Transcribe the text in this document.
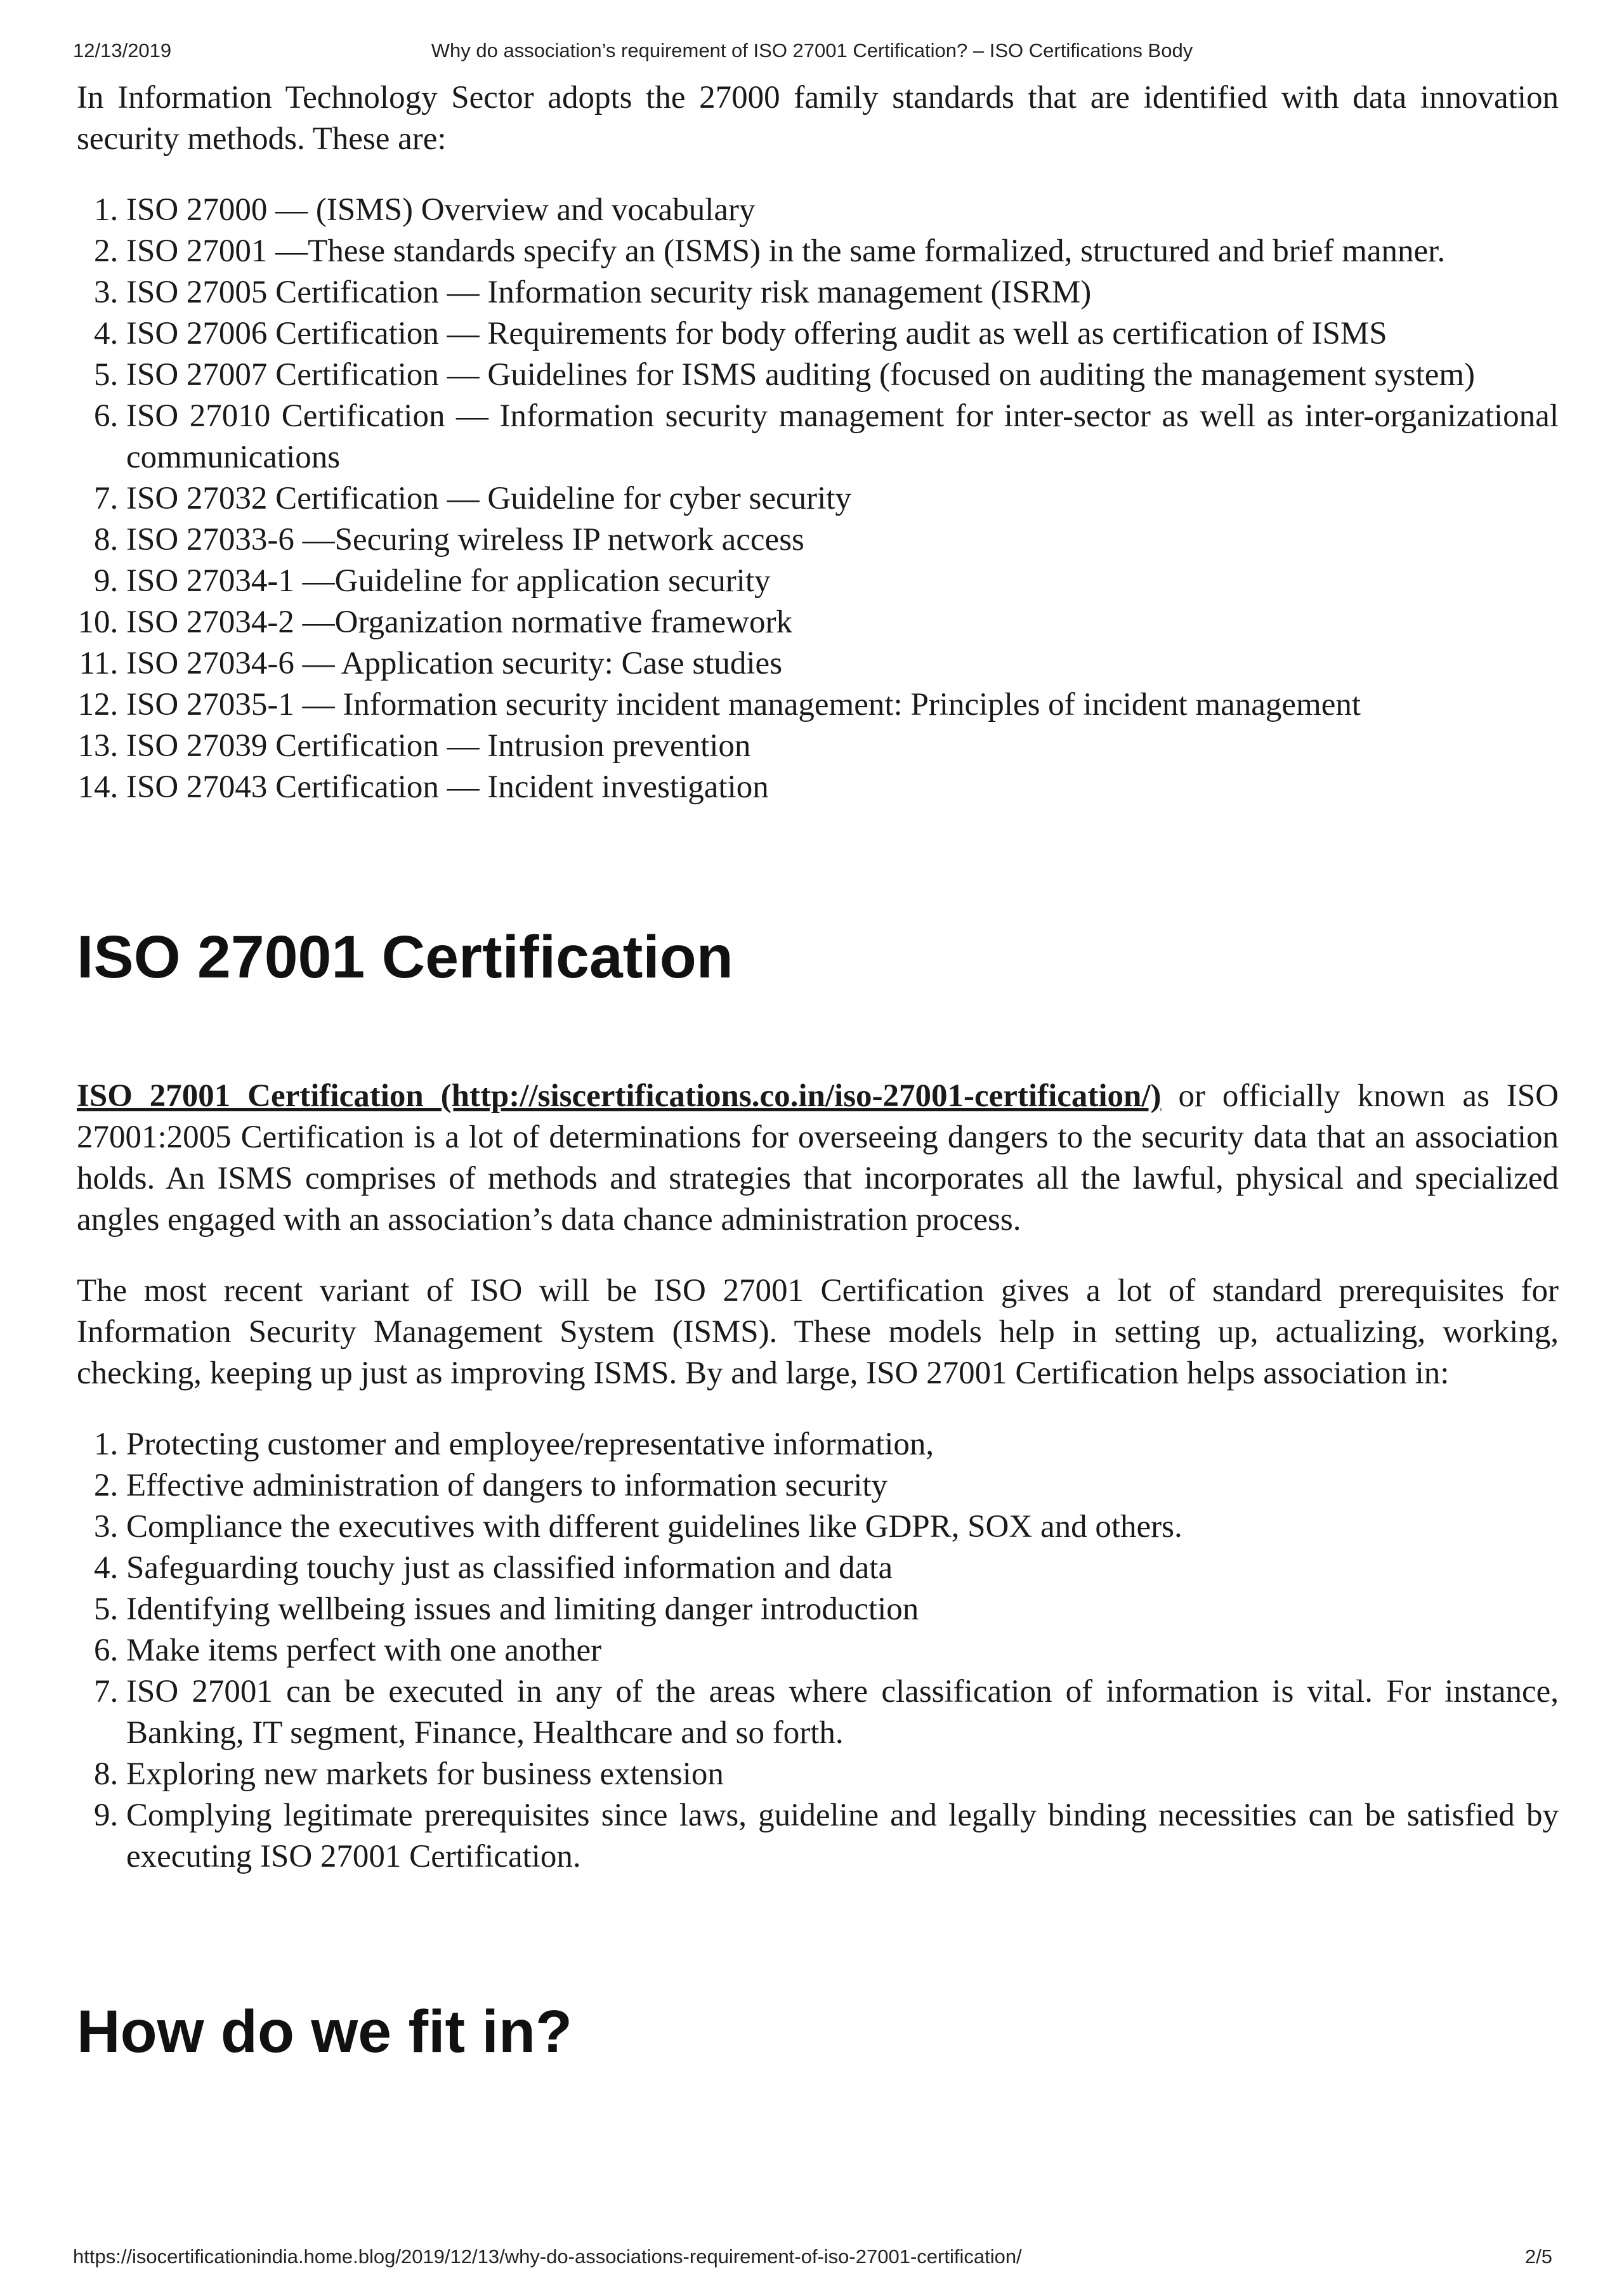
Why do association’s requirement of ISO 27001 Certification? – ISO Certifications Body
12/13/2019

In Information Technology Sector adopts the 27000 family standards that are identified with data innovation security methods. These are:

1. ISO 27000 — (ISMS) Overview and vocabulary
2. ISO 27001 —These standards specify an (ISMS) in the same formalized, structured and brief manner.
3. ISO 27005 Certification — Information security risk management (ISRM)
4. ISO 27006 Certification — Requirements for body offering audit as well as certification of ISMS
5. ISO 27007 Certification — Guidelines for ISMS auditing (focused on auditing the management system)
6. ISO 27010 Certification — Information security management for inter-sector as well as inter-organizational communications
7. ISO 27032 Certification — Guideline for cyber security
8. ISO 27033-6 —Securing wireless IP network access
9. ISO 27034-1 —Guideline for application security
10. ISO 27034-2 —Organization normative framework
11. ISO 27034-6 — Application security: Case studies
12. ISO 27035-1 — Information security incident management: Principles of incident management
13. ISO 27039 Certification — Intrusion prevention
14. ISO 27043 Certification — Incident investigation
ISO 27001 Certification

ISO 27001 Certification (http://siscertifications.co.in/iso-27001-certification/) or officially known as ISO 27001:2005 Certification is a lot of determinations for overseeing dangers to the security data that an association holds. An ISMS comprises of methods and strategies that incorporates all the lawful, physical and specialized angles engaged with an association’s data chance administration process.

The most recent variant of ISO will be ISO 27001 Certification gives a lot of standard prerequisites for Information Security Management System (ISMS). These models help in setting up, actualizing, working, checking, keeping up just as improving ISMS. By and large, ISO 27001 Certification helps association in:

1. Protecting customer and employee/representative information,
2. Effective administration of dangers to information security
3. Compliance the executives with different guidelines like GDPR, SOX and others.
4. Safeguarding touchy just as classified information and data
5. Identifying wellbeing issues and limiting danger introduction
6. Make items perfect with one another
7. ISO 27001 can be executed in any of the areas where classification of information is vital. For instance, Banking, IT segment, Finance, Healthcare and so forth.
8. Exploring new markets for business extension
9. Complying legitimate prerequisites since laws, guideline and legally binding necessities can be satisfied by executing ISO 27001 Certification.
How do we fit in?
https://isocertificationindia.home.blog/2019/12/13/why-do-associations-requirement-of-iso-27001-certification/	2/5
